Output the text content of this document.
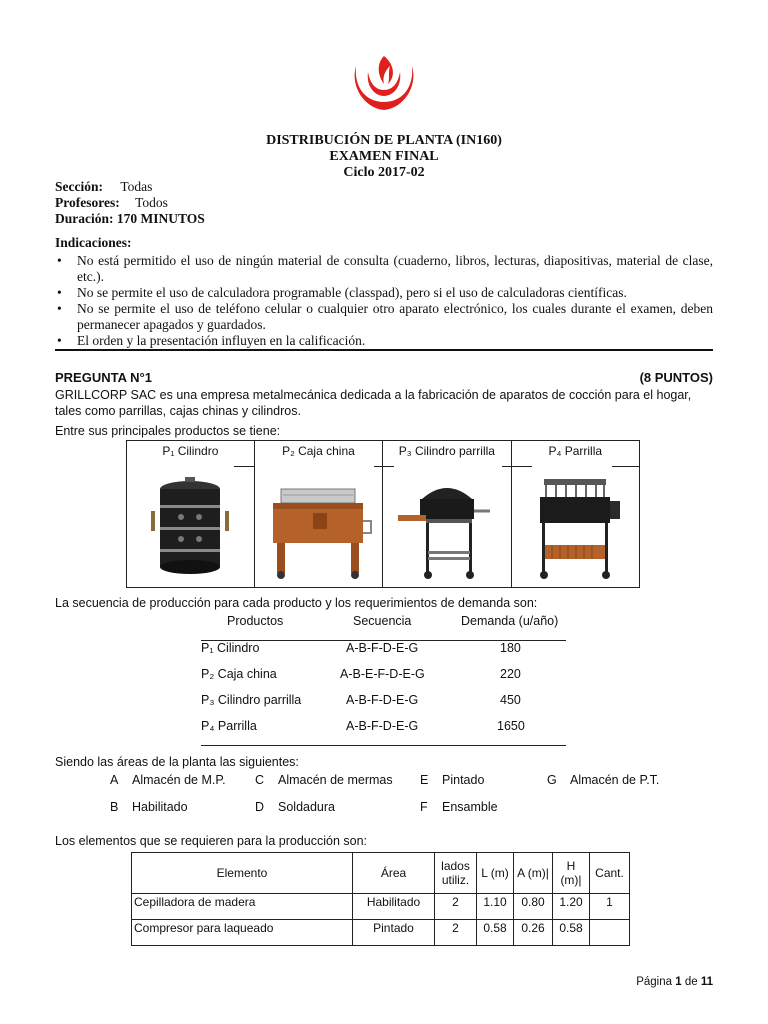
DISTRIBUCIÓN DE PLANTA (IN160)
EXAMEN FINAL
Ciclo 2017-02
Sección: Todas
Profesores: Todos
Duración: 170 MINUTOS
Indicaciones:
• No está permitido el uso de ningún material de consulta (cuaderno, libros, lecturas, diapositivas, material de clase, etc.).
• No se permite el uso de calculadora programable (classpad), pero si el uso de calculadoras científicas.
• No se permite el uso de teléfono celular o cualquier otro aparato electrónico, los cuales durante el examen, deben permanecer apagados y guardados.
• El orden y la presentación influyen en la calificación.
PREGUNTA N°1	(8 PUNTOS)
GRILLCORP SAC es una empresa metalmecánica dedicada a la fabricación de aparatos de cocción para el hogar, tales como parrillas, cajas chinas y cilindros.
Entre sus principales productos se tiene:
P₁ Cilindro	P₂ Caja china	P₃ Cilindro parrilla	P₄ Parrilla

La secuencia de producción para cada producto y los requerimientos de demanda son:
Productos	Secuencia	Demanda (u/año)
P₁ Cilindro	A-B-F-D-E-G	180
P₂ Caja china	A-B-E-F-D-E-G	220
P₃ Cilindro parrilla	A-B-F-D-E-G	450
P₄ Parrilla	A-B-F-D-E-G	1650
Siendo las áreas de la planta las siguientes:
A Almacén de M.P. C Almacén de mermas E Pintado	G Almacén de P.T.
B Habilitado	D Soldadura	F Ensamble
Los elementos que se requieren para la producción son:
Elemento	Área	lados utiliz.	L (m)	A (m)|	H (m)|	Cant.
Cepilladora de madera	Habilitado	2	1.10	0.80	1.20	1
Compresor para laqueado	Pintado	2	0.58	0.26	0.58	
Página 1 de 11
